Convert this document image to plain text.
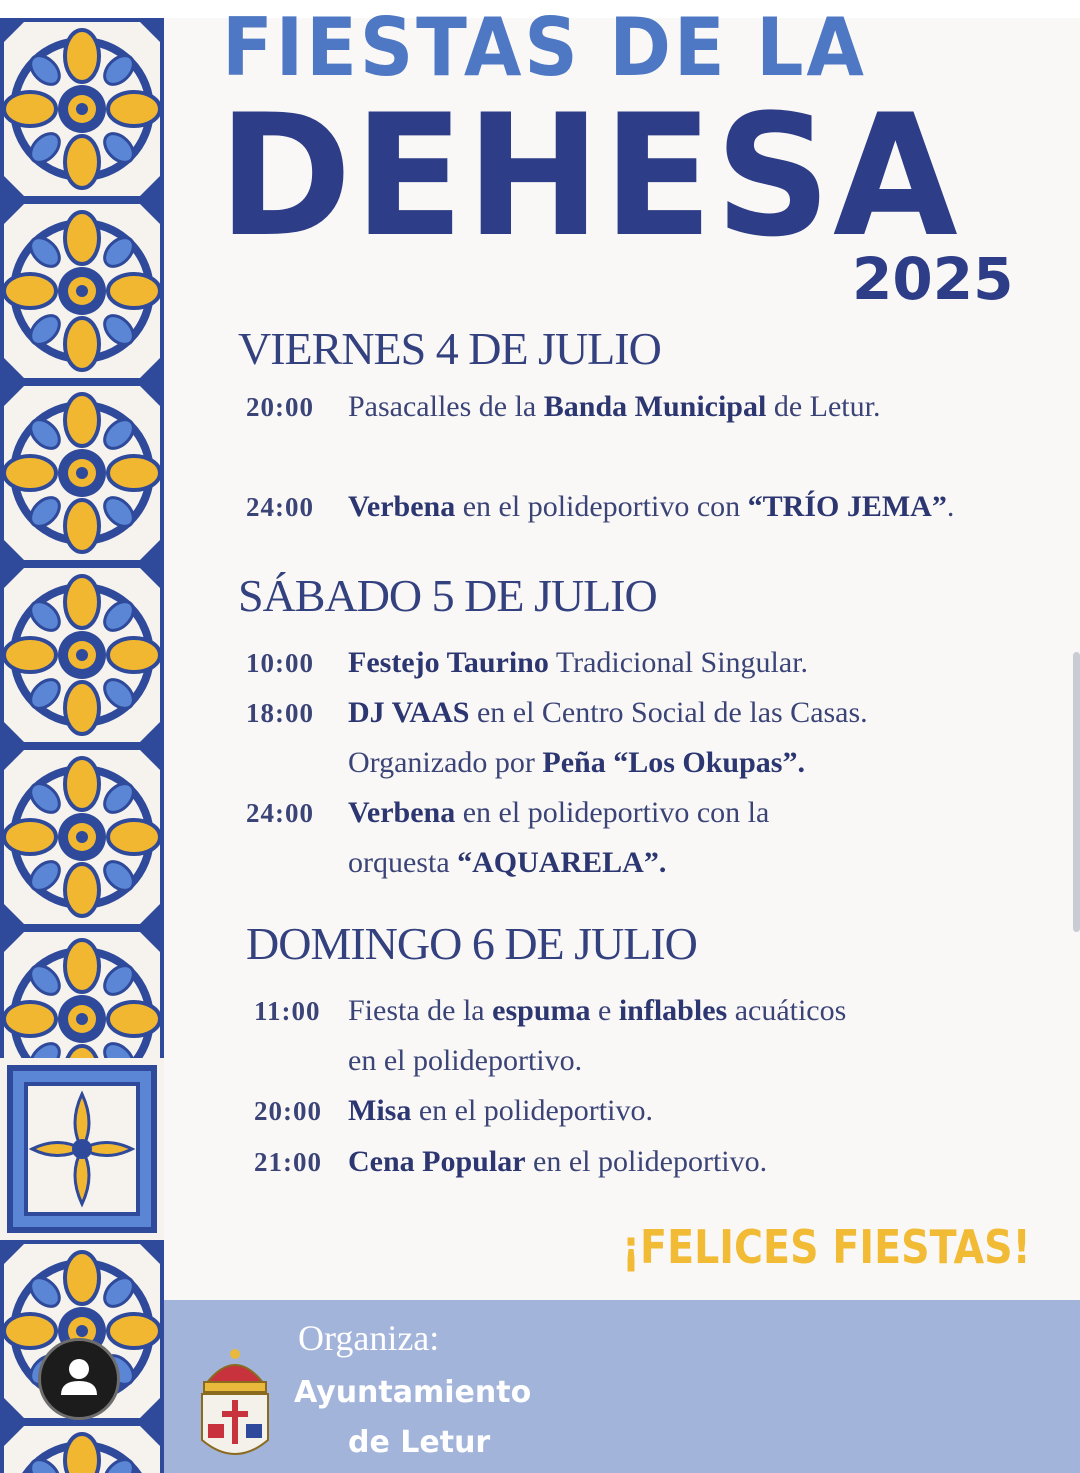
FIESTAS DE LA
DEHESA
2025
VIERNES 4 DE JULIO
20:00 Pasacalles de la Banda Municipal de Letur.
24:00 Verbena en el polideportivo con “TRÍO JEMA”.
SÁBADO 5 DE JULIO
10:00 Festejo Taurino Tradicional Singular.
18:00 DJ VAAS en el Centro Social de las Casas.
Organizado por Peña “Los Okupas”.
24:00 Verbena en el polideportivo con la
orquesta “AQUARELA”.
DOMINGO 6 DE JULIO
11:00 Fiesta de la espuma e inflables acuáticos
en el polideportivo.
20:00 Misa en el polideportivo.
21:00 Cena Popular en el polideportivo.
¡FELICES FIESTAS!
Organiza:
Ayuntamiento
de Letur
